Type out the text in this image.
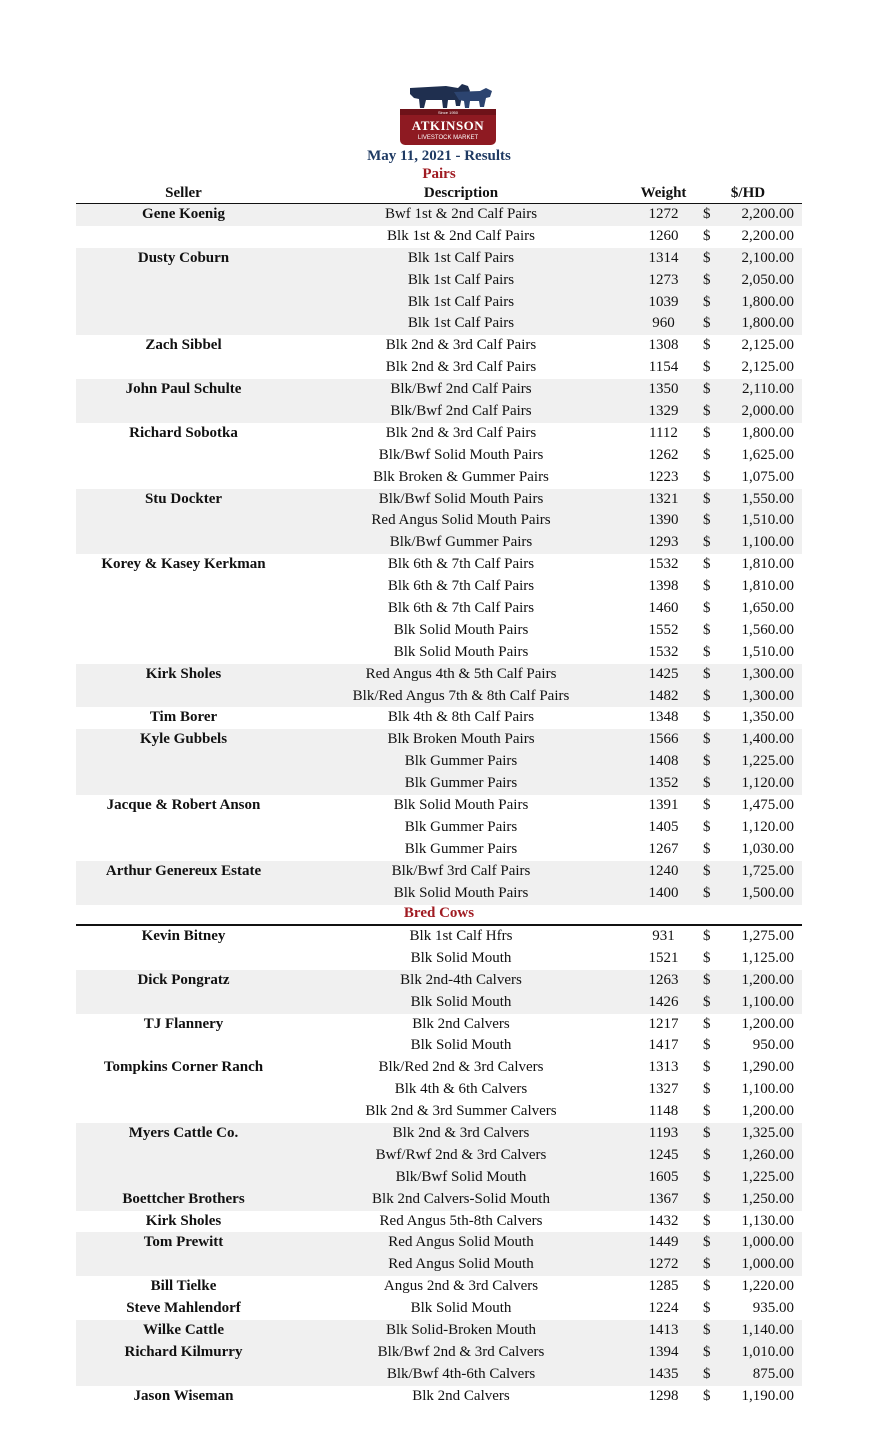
Since 1950
ATKINSON
LIVESTOCK MARKET
May 11, 2021 - Results
Pairs
Seller	Description	Weight	$/HD
Gene Koenig	Bwf 1st & 2nd Calf Pairs	1272	$	2,200.00
Blk 1st & 2nd Calf Pairs	1260	$	2,200.00
Dusty Coburn	Blk 1st Calf Pairs	1314	$	2,100.00
Blk 1st Calf Pairs	1273	$	2,050.00
Blk 1st Calf Pairs	1039	$	1,800.00
Blk 1st Calf Pairs	960	$	1,800.00
Zach Sibbel	Blk 2nd & 3rd Calf Pairs	1308	$	2,125.00
Blk 2nd & 3rd Calf Pairs	1154	$	2,125.00
John Paul Schulte	Blk/Bwf 2nd Calf Pairs	1350	$	2,110.00
Blk/Bwf 2nd Calf Pairs	1329	$	2,000.00
Richard Sobotka	Blk 2nd & 3rd Calf Pairs	1112	$	1,800.00
Blk/Bwf Solid Mouth Pairs	1262	$	1,625.00
Blk Broken & Gummer Pairs	1223	$	1,075.00
Stu Dockter	Blk/Bwf Solid Mouth Pairs	1321	$	1,550.00
Red Angus Solid Mouth Pairs	1390	$	1,510.00
Blk/Bwf Gummer Pairs	1293	$	1,100.00
Korey & Kasey Kerkman	Blk 6th & 7th Calf Pairs	1532	$	1,810.00
Blk 6th & 7th Calf Pairs	1398	$	1,810.00
Blk 6th & 7th Calf Pairs	1460	$	1,650.00
Blk Solid Mouth Pairs	1552	$	1,560.00
Blk Solid Mouth Pairs	1532	$	1,510.00
Kirk Sholes	Red Angus 4th & 5th Calf Pairs	1425	$	1,300.00
Blk/Red Angus 7th & 8th Calf Pairs	1482	$	1,300.00
Tim Borer	Blk 4th & 8th Calf Pairs	1348	$	1,350.00
Kyle Gubbels	Blk Broken Mouth Pairs	1566	$	1,400.00
Blk Gummer Pairs	1408	$	1,225.00
Blk Gummer Pairs	1352	$	1,120.00
Jacque & Robert Anson	Blk Solid Mouth Pairs	1391	$	1,475.00
Blk Gummer Pairs	1405	$	1,120.00
Blk Gummer Pairs	1267	$	1,030.00
Arthur Genereux Estate	Blk/Bwf 3rd Calf Pairs	1240	$	1,725.00
Blk Solid Mouth Pairs	1400	$	1,500.00
Bred Cows
Kevin Bitney	Blk 1st Calf Hfrs	931	$	1,275.00
Blk Solid Mouth	1521	$	1,125.00
Dick Pongratz	Blk 2nd-4th Calvers	1263	$	1,200.00
Blk Solid Mouth	1426	$	1,100.00
TJ Flannery	Blk 2nd Calvers	1217	$	1,200.00
Blk Solid Mouth	1417	$	950.00
Tompkins Corner Ranch	Blk/Red 2nd & 3rd Calvers	1313	$	1,290.00
Blk 4th & 6th Calvers	1327	$	1,100.00
Blk 2nd & 3rd Summer Calvers	1148	$	1,200.00
Myers Cattle Co.	Blk 2nd & 3rd Calvers	1193	$	1,325.00
Bwf/Rwf 2nd & 3rd Calvers	1245	$	1,260.00
Blk/Bwf Solid Mouth	1605	$	1,225.00
Boettcher Brothers	Blk 2nd Calvers-Solid Mouth	1367	$	1,250.00
Kirk Sholes	Red Angus 5th-8th Calvers	1432	$	1,130.00
Tom Prewitt	Red Angus Solid Mouth	1449	$	1,000.00
Red Angus Solid Mouth	1272	$	1,000.00
Bill Tielke	Angus 2nd & 3rd Calvers	1285	$	1,220.00
Steve Mahlendorf	Blk Solid Mouth	1224	$	935.00
Wilke Cattle	Blk Solid-Broken Mouth	1413	$	1,140.00
Richard Kilmurry	Blk/Bwf 2nd & 3rd Calvers	1394	$	1,010.00
Blk/Bwf 4th-6th Calvers	1435	$	875.00
Jason Wiseman	Blk 2nd Calvers	1298	$	1,190.00
